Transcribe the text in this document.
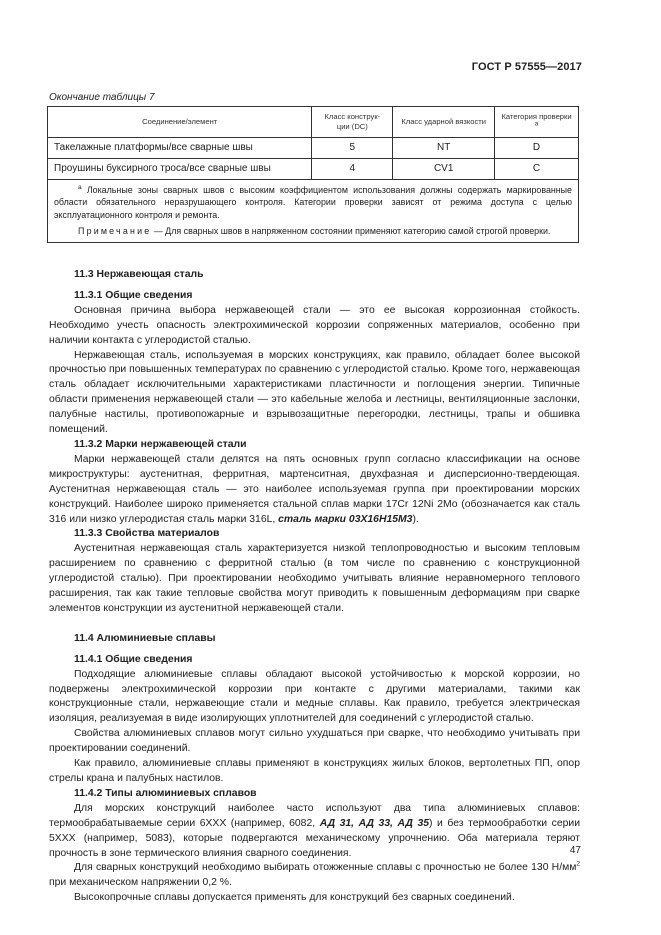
ГОСТ Р 57555—2017
Окончание таблицы 7
Соединение/элемент	Класс конструк-ции (DC)	Класс ударной вязкости	Категория проверки $^а$
Такелажные платформы/все сварные швы	5	NT	D
Проушины буксирного троса/все сварные швы	4	CV1	C

$^а$ Локальные зоны сварных швов с высоким коэффициентом использования должны содержать маркированные области обязательного неразрушающего контроля. Категории проверки зависят от режима доступа с целью эксплуатационного контроля и ремонта.

Примечание — Для сварных швов в напряженном состоянии применяют категорию самой строгой проверки.			

11.3 Нержавеющая сталь

11.3.1 Общие сведения

Основная причина выбора нержавеющей стали — это ее высокая коррозионная стойкость. Необходимо учесть опасность электрохимической коррозии сопряженных материалов, особенно при наличии контакта с углеродистой сталью.

Нержавеющая сталь, используемая в морских конструкциях, как правило, обладает более высокой прочностью при повышенных температурах по сравнению с углеродистой сталью. Кроме того, нержавеющая сталь обладает исключительными характеристиками пластичности и поглощения энергии. Типичные области применения нержавеющей стали — это кабельные желоба и лестницы, вентиляционные заслонки, палубные настилы, противопожарные и взрывозащитные перегородки, лестницы, трапы и обшивка помещений.

11.3.2 Марки нержавеющей стали

Марки нержавеющей стали делятся на пять основных групп согласно классификации на основе микроструктуры: аустенитная, ферритная, мартенситная, двухфазная и дисперсионно-твердеющая. Аустенитная нержавеющая сталь — это наиболее используемая группа при проектировании морских конструкций. Наиболее широко применяется стальной сплав марки 17Cr 12Ni 2Mo (обозначается как сталь 316 или низко углеродистая сталь марки 316L, сталь марки 03Х16Н15М3).

11.3.3 Свойства материалов

Аустенитная нержавеющая сталь характеризуется низкой теплопроводностью и высоким тепловым расширением по сравнению с ферритной сталью (в том числе по сравнению с конструкционной углеродистой сталью). При проектировании необходимо учитывать влияние неравномерного теплового расширения, так как такие тепловые свойства могут приводить к повышенным деформациям при сварке элементов конструкции из аустенитной нержавеющей стали.

11.4 Алюминиевые сплавы

11.4.1 Общие сведения

Подходящие алюминиевые сплавы обладают высокой устойчивостью к морской коррозии, но подвержены электрохимической коррозии при контакте с другими материалами, такими как конструкционные стали, нержавеющие стали и медные сплавы. Как правило, требуется электрическая изоляция, реализуемая в виде изолирующих уплотнителей для соединений с углеродистой сталью.

Свойства алюминиевых сплавов могут сильно ухудшаться при сварке, что необходимо учитывать при проектировании соединений.

Как правило, алюминиевые сплавы применяют в конструкциях жилых блоков, вертолетных ПП, опор стрелы крана и палубных настилов.

11.4.2 Типы алюминиевых сплавов

Для морских конструкций наиболее часто используют два типа алюминиевых сплавов: термообрабатываемые серии 6XXX (например, 6082, АД 31, АД 33, АД 35) и без термообработки серии 5XXX (например, 5083), которые подвергаются механическому упрочнению. Оба материала теряют прочность в зоне термического влияния сварного соединения.

Для сварных конструкций необходимо выбирать отожженные сплавы с прочностью не более 130 $Н/мм^2$ при механическом напряжении 0,2 %.

Высокопрочные сплавы допускается применять для конструкций без сварных соединений.

47
